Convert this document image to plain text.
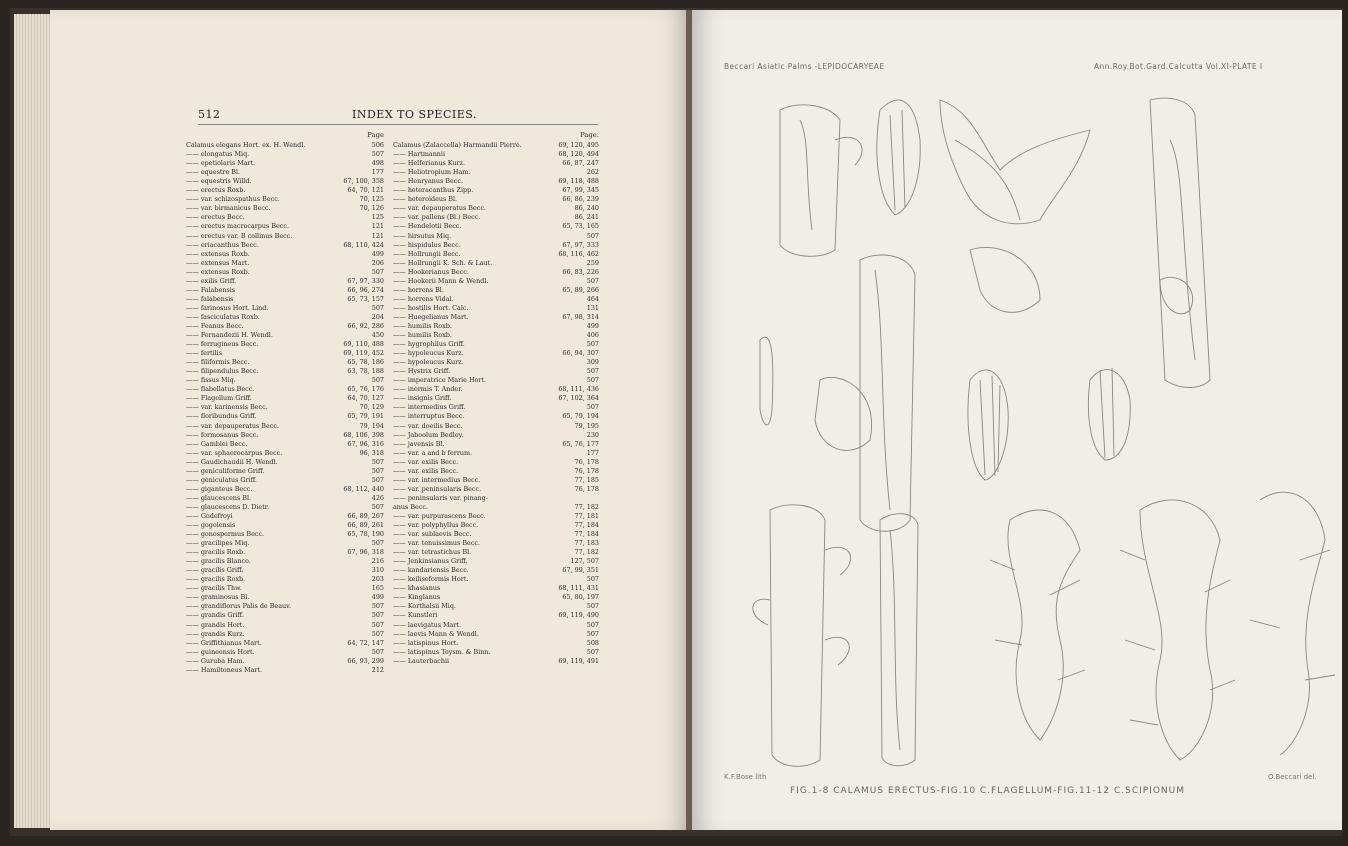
512	INDEX TO SPECIES.
Page
Calamus elegans Hort. ex. H. Wendl.	506
—— elongatus Miq.	507
—— epetiolaris Mart.	498
—— equestre Bl.	177
—— equestris Willd.	67, 100, 358
—— erectus Roxb.	64, 70, 121
—— var. schizospathus Becc.	70, 125
—— var. birmanicus Becc.	70, 126
—— erectus Becc.	125
—— erectus macrocarpus Becc.	121
—— erectus var. B collinus Becc.	121
—— eriacanthus Becc.	68, 110, 424
—— extensus Roxb.	499
—— extensus Mart.	206
—— extensus Roxb.	507
—— exilis Griff.	67, 97, 330
—— Falabensis	66, 96, 274
—— falabensis	65, 73, 157
—— farinosus Hort. Lind.	507
—— fasciculatus Roxb.	204
—— Feanus Becc.	66, 92, 286
—— Fernandezii H. Wendl.	450
—— ferrugineus Becc.	69, 110, 488
—— fertilis	69, 119, 452
—— filiformis Becc.	65, 78, 186
—— filipendulus Becc.	63, 78, 188
—— fissus Miq.	507
—— flabellatus Becc.	65, 76, 176
—— Flagellum Griff.	64, 70, 127
—— var. karinensis Becc.	70, 129
—— floribundus Griff.	65, 79, 191
—— var. depauperatus Becc.	79, 194
—— formosanus Becc.	68, 106, 398
—— Gamblei Becc.	67, 96, 316
—— var. sphaerocarpus Becc.	96, 318
—— Gaudichaudii H. Wendl.	507
—— geniculiforme Griff.	507
—— geniculatus Griff.	507
—— giganteus Becc.	68, 112, 440
—— glaucescens Bl.	426
—— glaucescens D. Dietr.	507
—— Godefroyi	66, 89, 267
—— gogolensis	66, 89, 261
—— gonospermus Becc.	65, 78, 190
—— gracilipes Miq.	507
—— gracilis Roxb.	67, 96, 318
—— gracilis Blanco.	216
—— gracilis Griff.	310
—— gracilis Roxb.	203
—— gracilis Thw.	165
—— graminosus Bl.	499
—— grandiflorus Palis de Beauv.	507
—— grandis Griff.	507
—— grandis Hort.	507
—— grandis Kurz.	507
—— Griffithianus Mart.	64, 72, 147
—— guineensis Hort.	507
—— Guruba Ham.	66, 93, 299
—— Hamiltoneus Mart.	212
Page.
Calamus (Zalaccella) Harmandii Pierre.	69, 120, 495
—— Hartmannii	68, 120, 494
—— Helferianus Kurz.	66, 87, 247
—— Heliotropium Ham.	262
—— Henryanus Becc.	69, 118, 488
—— heteracanthus Zipp.	67, 99, 345
—— heteroideus Bl.	66, 86, 239
—— var. depauperatus Becc.	86, 240
—— var. pallens (Bl.) Becc.	86, 241
—— Hendelotii Becc.	65, 73, 165
—— hirsutus Miq.	507
—— hispidulus Becc.	67, 97, 333
—— Hollrungii Becc.	68, 116, 462
—— Hollrungii K. Sch. & Laut.	259
—— Hookerianus Becc.	66, 83, 226
—— Hookerii Mann & Wendl.	507
—— horrens Bl.	65, 89, 266
—— horrens Vidal.	464
—— hostilis Hort. Calc.	131
—— Huegelianus Mart.	67, 98, 314
—— humilis Roxb.	499
—— humilis Roxb.	406
—— hygrophilus Griff.	507
—— hypoleucus Kurz.	66, 94, 307
—— hypoleucus Kurz.	309
—— Hystrix Griff.	507
—— imperatrice Marie Hort.	507
—— inermis T. Ander.	68, 111, 436
—— insignis Griff.	67, 102, 364
—— intermedius Griff.	507
—— interruptus Becc.	65, 79, 194
—— var. doeilis Becc.	79, 195
—— Jaboolum Bedley.	230
—— javensis Bl.	65, 76, 177
—— var. a and b ferrum.	177
—— var. exilis Becc.	76, 178
—— var. exilis Becc.	76, 178
—— var. intermedius Becc.	77, 185
—— var. peninsularis Becc.	76, 178
—— peninsularis var. pinang-
anus Becc.	77, 182
—— var. purpurascens Becc.	77, 181
—— var. polyphyllus Becc.	77, 184
—— var. sublaevis Becc.	77, 184
—— var. tenuissimus Becc.	77, 183
—— var. tetrastichus Bl.	77, 182
—— Jenkinsianus Griff.	127, 507
—— kandariensis Becc.	67, 99, 351
—— keiliseformis Hort.	507
—— khasianus	68, 111, 431
—— Kinglanus	65, 80, 197
—— Korthalsii Miq.	507
—— Kunstleri	69, 119, 490
—— laevigatus Mart.	507
—— laevis Mann & Wendl.	507
—— latispinus Hort.	508
—— latispinus Teysm. & Binn.	507
—— Lauterbachii	69, 119, 491
Beccari Asiatic Palms -LEPIDOCARYEAE	Ann.Roy.Bot.Gard.Calcutta Vol.XI-PLATE I
K.F.Bose lith	O.Beccari del.
FIG.1-8 CALAMUS ERECTUS-FIG.10 C.FLAGELLUM-FIG.11-12 C.SCIPIONUM
